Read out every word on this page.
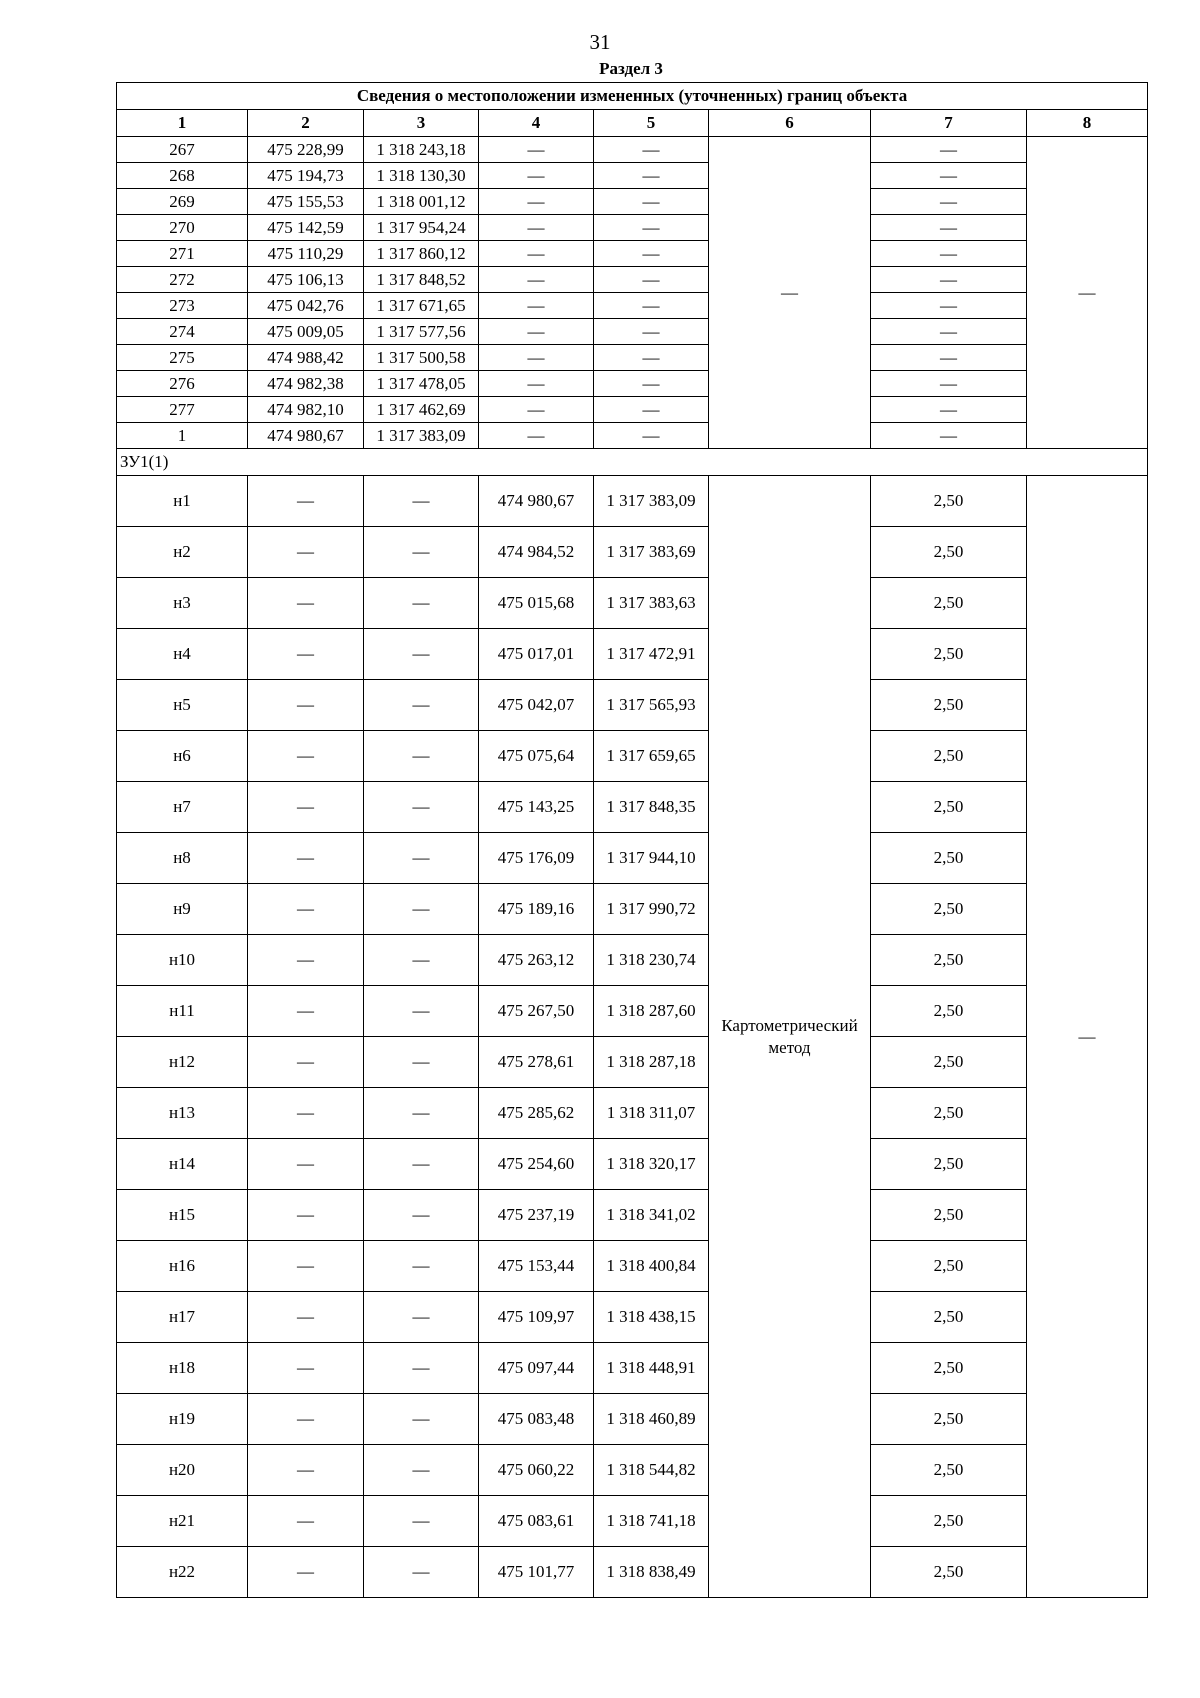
31
Раздел 3
Сведения о местоположении измененных (уточненных) границ объекта							
1	2	3	4	5	6	7	8
267	475 228,99	1 318 243,18	—	—	—	—	—
268	475 194,73	1 318 130,30	—	—		—	
269	475 155,53	1 318 001,12	—	—		—	
270	475 142,59	1 317 954,24	—	—		—	
271	475 110,29	1 317 860,12	—	—		—	
272	475 106,13	1 317 848,52	—	—		—	
273	475 042,76	1 317 671,65	—	—		—	
274	475 009,05	1 317 577,56	—	—		—	
275	474 988,42	1 317 500,58	—	—		—	
276	474 982,38	1 317 478,05	—	—		—	
277	474 982,10	1 317 462,69	—	—		—	
1	474 980,67	1 317 383,09	—	—		—	
ЗУ1(1)							
н1	—	—	474 980,67	1 317 383,09	Картометрический метод	2,50	—
н2	—	—	474 984,52	1 317 383,69		2,50	
н3	—	—	475 015,68	1 317 383,63		2,50	
н4	—	—	475 017,01	1 317 472,91		2,50	
н5	—	—	475 042,07	1 317 565,93		2,50	
н6	—	—	475 075,64	1 317 659,65		2,50	
н7	—	—	475 143,25	1 317 848,35		2,50	
н8	—	—	475 176,09	1 317 944,10		2,50	
н9	—	—	475 189,16	1 317 990,72		2,50	
н10	—	—	475 263,12	1 318 230,74		2,50	
н11	—	—	475 267,50	1 318 287,60		2,50	
н12	—	—	475 278,61	1 318 287,18		2,50	
н13	—	—	475 285,62	1 318 311,07		2,50	
н14	—	—	475 254,60	1 318 320,17		2,50	
н15	—	—	475 237,19	1 318 341,02		2,50	
н16	—	—	475 153,44	1 318 400,84		2,50	
н17	—	—	475 109,97	1 318 438,15		2,50	
н18	—	—	475 097,44	1 318 448,91		2,50	
н19	—	—	475 083,48	1 318 460,89		2,50	
н20	—	—	475 060,22	1 318 544,82		2,50	
н21	—	—	475 083,61	1 318 741,18		2,50	
н22	—	—	475 101,77	1 318 838,49		2,50	
